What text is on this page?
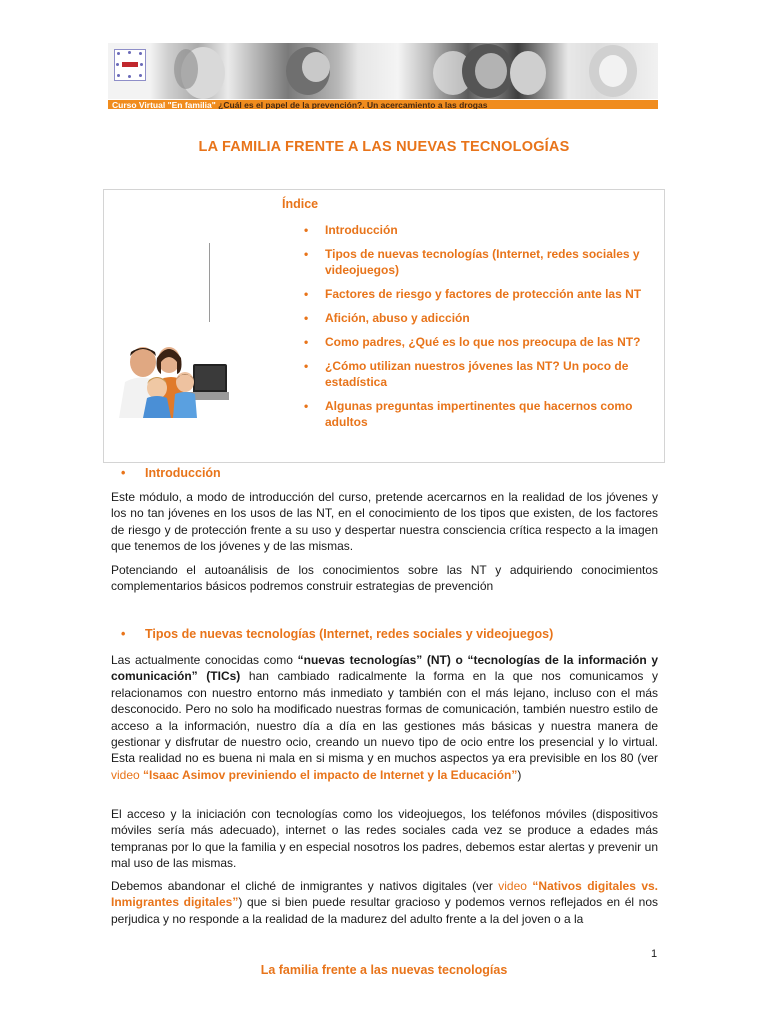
Curso Virtual "En familia" ¿Cuál es el papel de la prevención?. Un acercamiento a las drogas
LA FAMILIA FRENTE A LAS NUEVAS TECNOLOGÍAS
Índice
• Introducción
• Tipos de nuevas tecnologías (Internet, redes sociales y videojuegos)
• Factores de riesgo y factores de protección ante las NT
• Afición, abuso y adicción
• Como padres, ¿Qué es lo que nos preocupa de las NT?
• ¿Cómo utilizan nuestros jóvenes las NT? Un poco de estadística
• Algunas preguntas impertinentes que hacernos como adultos
• Introducción

Este módulo, a modo de introducción del curso, pretende acercarnos en la realidad de los jóvenes y los no tan jóvenes en los usos de las NT, en el conocimiento de los tipos que existen, de los factores de riesgo y de protección frente a su uso y despertar nuestra consciencia crítica respecto a la imagen que tenemos de los jóvenes y de las mismas.

Potenciando el autoanálisis de los conocimientos sobre las NT y adquiriendo conocimientos complementarios básicos podremos construir estrategias de prevención

• Tipos de nuevas tecnologías (Internet, redes sociales y videojuegos)

Las actualmente conocidas como “nuevas tecnologías” (NT) o “tecnologías de la información y comunicación” (TICs) han cambiado radicalmente la forma en la que nos comunicamos y relacionamos con nuestro entorno más inmediato y también con el más lejano, incluso con el más desconocido. Pero no solo ha modificado nuestras formas de comunicación, también nuestro estilo de acceso a la información, nuestro día a día en las gestiones más básicas y nuestra manera de gestionar y disfrutar de nuestro ocio, creando un nuevo tipo de ocio entre los presencial y lo virtual. Esta realidad no es buena ni mala en si misma y en muchos aspectos ya era previsible en los 80 (ver video “Isaac Asimov previniendo el impacto de Internet y la Educación”)

El acceso y la iniciación con tecnologías como los videojuegos, los teléfonos móviles (dispositivos móviles sería más adecuado), internet o las redes sociales cada vez se produce a edades más tempranas por lo que la familia y en especial nosotros los padres, debemos estar alertas y prevenir un mal uso de las mismas.

Debemos abandonar el cliché de inmigrantes y nativos digitales (ver video “Nativos digitales vs. Inmigrantes digitales”) que si bien puede resultar gracioso y podemos vernos reflejados en él nos perjudica y no responde a la realidad de la madurez del adulto frente a la del joven o a la

1
La familia frente a las nuevas tecnologías
